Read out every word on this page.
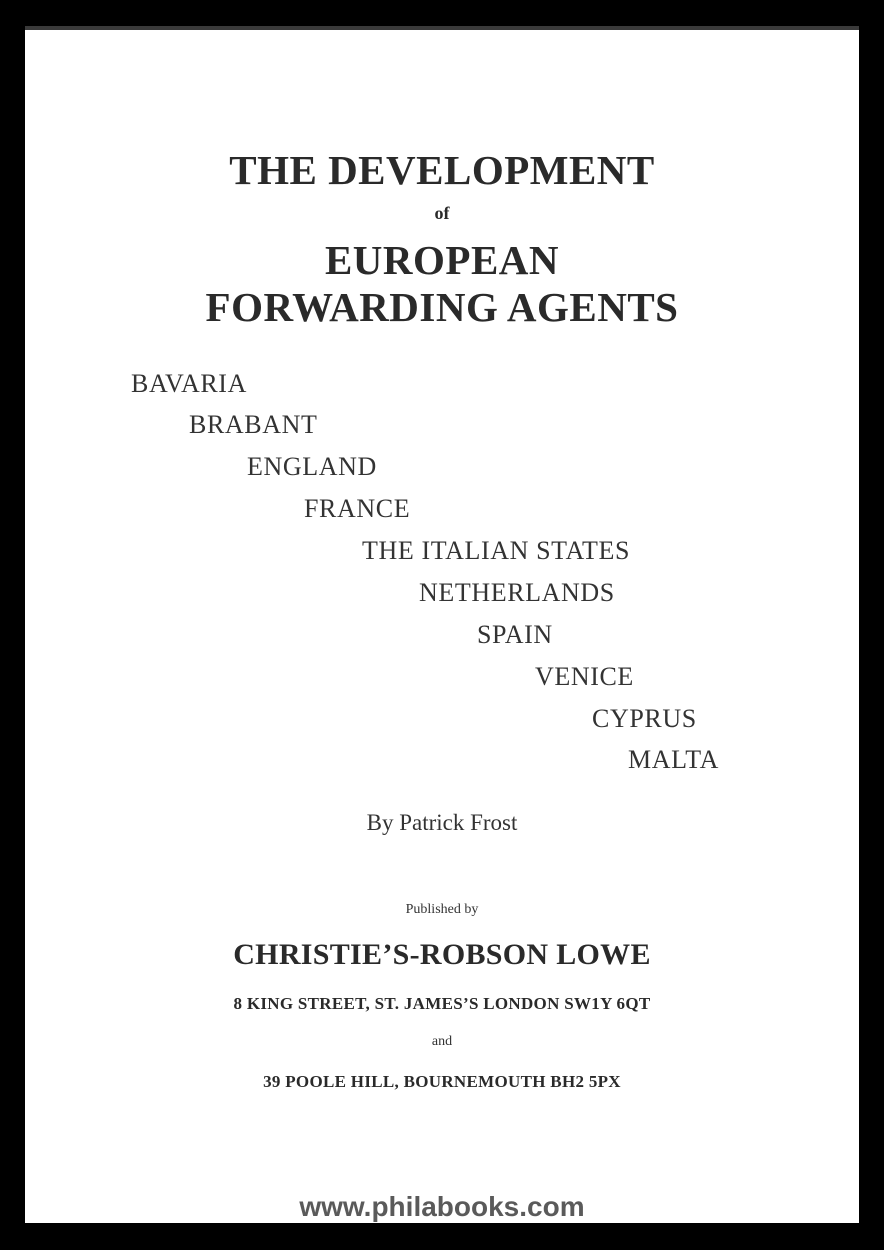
THE DEVELOPMENT
of
EUROPEAN
FORWARDING AGENTS
BAVARIA
BRABANT
ENGLAND
FRANCE
THE ITALIAN STATES
NETHERLANDS
SPAIN
VENICE
CYPRUS
MALTA
By Patrick Frost
Published by
CHRISTIE’S-ROBSON LOWE
8 KING STREET, ST. JAMES’S LONDON SW1Y 6QT
and
39 POOLE HILL, BOURNEMOUTH BH2 5PX
www.philabooks.com
